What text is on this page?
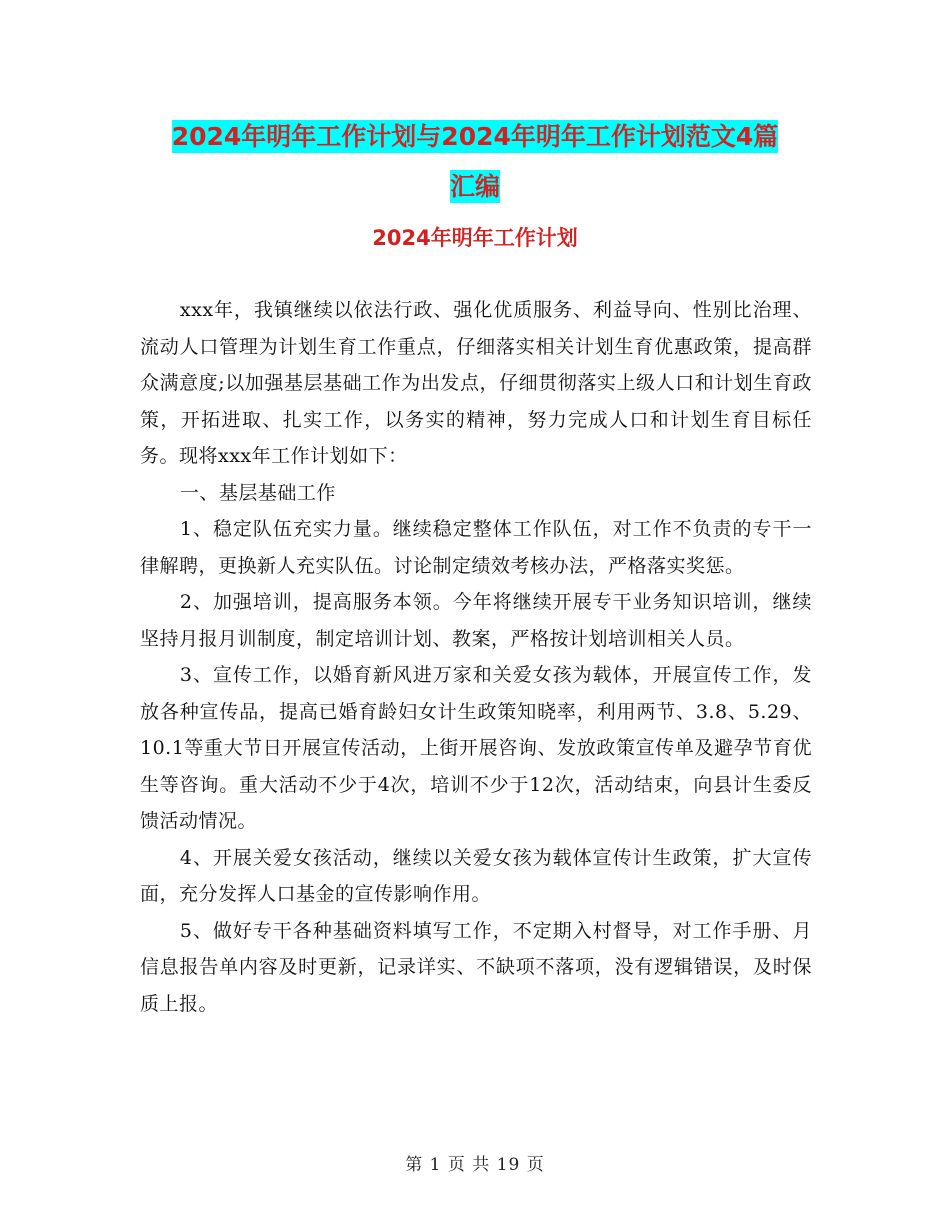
2024年明年工作计划与2024年明年工作计划范文4篇
汇编
2024年明年工作计划

xxx年，我镇继续以依法行政、强化优质服务、利益导向、性别比治理、流动人口管理为计划生育工作重点，仔细落实相关计划生育优惠政策，提高群众满意度;以加强基层基础工作为出发点，仔细贯彻落实上级人口和计划生育政策，开拓进取、扎实工作，以务实的精神，努力完成人口和计划生育目标任务。现将xxx年工作计划如下：

一、基层基础工作

1、稳定队伍充实力量。继续稳定整体工作队伍，对工作不负责的专干一律解聘，更换新人充实队伍。讨论制定绩效考核办法，严格落实奖惩。

2、加强培训，提高服务本领。今年将继续开展专干业务知识培训，继续坚持月报月训制度，制定培训计划、教案，严格按计划培训相关人员。

3、宣传工作，以婚育新风进万家和关爱女孩为载体，开展宣传工作，发放各种宣传品，提高已婚育龄妇女计生政策知晓率，利用两节、3.8、5.29、10.1等重大节日开展宣传活动，上街开展咨询、发放政策宣传单及避孕节育优生等咨询。重大活动不少于4次，培训不少于12次，活动结束，向县计生委反馈活动情况。

4、开展关爱女孩活动，继续以关爱女孩为载体宣传计生政策，扩大宣传面，充分发挥人口基金的宣传影响作用。

5、做好专干各种基础资料填写工作，不定期入村督导，对工作手册、月信息报告单内容及时更新，记录详实、不缺项不落项，没有逻辑错误，及时保质上报。

第 1 页 共 19 页
